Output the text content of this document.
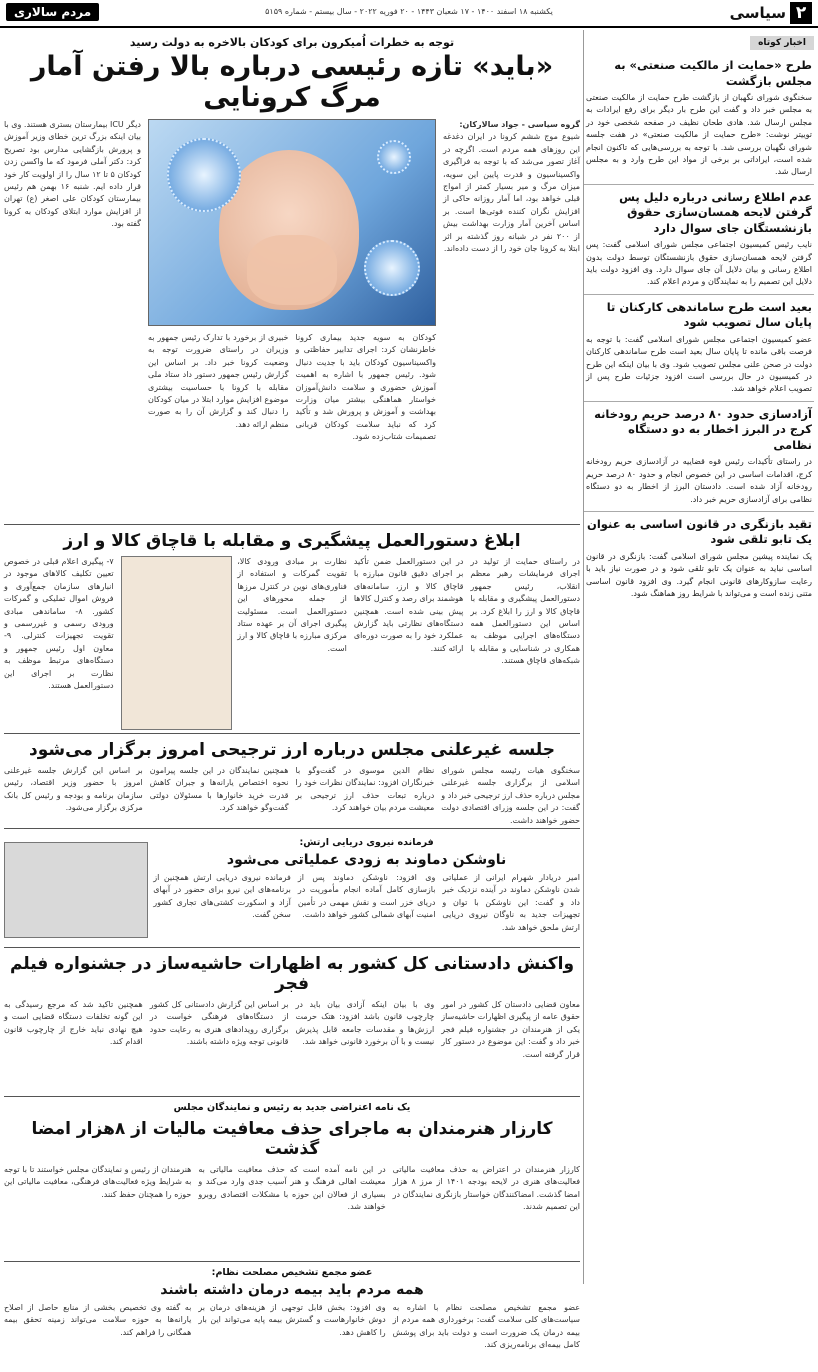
۲
سیاسی
یکشنبه ۱۸ اسفند ۱۴۰۰ - ۱۷ شعبان ۱۴۴۳ - ۲۰ فوریه ۲۰۲۲ - سال بیستم - شماره ۵۱۵۹
مردم سالاری
اخبار کوتاه
طرح «حمایت از مالکیت صنعتی» به مجلس بازگشت
سخنگوی شورای نگهبان از بازگشت طرح حمایت از مالکیت صنعتی به مجلس خبر داد و گفت این طرح بار دیگر برای رفع ایرادات به مجلس ارسال شد. هادی طحان نظیف در صفحه شخصی خود در توییتر نوشت: «طرح حمایت از مالکیت صنعتی» در هفت جلسه شورای نگهبان بررسی شد. با توجه به بررسی‌هایی که تاکنون انجام شده است، ایراداتی بر برخی از مواد این طرح وارد و به مجلس ارسال شد.
عدم اطلاع رسانی درباره دلیل پس گرفتن لایحه همسان‌سازی حقوق بازنشستگان جای سوال دارد
نایب رئیس کمیسیون اجتماعی مجلس شورای اسلامی گفت: پس گرفتن لایحه همسان‌سازی حقوق بازنشستگان توسط دولت بدون اطلاع رسانی و بیان دلایل آن جای سوال دارد. وی افزود دولت باید دلایل این تصمیم را به نمایندگان و مردم اعلام کند.
بعید است طرح ساماندهی کارکنان تا پایان سال تصویب شود
عضو کمیسیون اجتماعی مجلس شورای اسلامی گفت: با توجه به فرصت باقی مانده تا پایان سال بعید است طرح ساماندهی کارکنان دولت در صحن علنی مجلس تصویب شود. وی با بیان اینکه این طرح در کمیسیون در حال بررسی است افزود جزئیات طرح پس از تصویب اعلام خواهد شد.
آزادسازی حدود ۸۰ درصد حریم رودخانه کرج در البرز اخطار به دو دستگاه نظامی
در راستای تأکیدات رئیس قوه قضاییه در آزادسازی حریم رودخانه کرج، اقدامات اساسی در این خصوص انجام و حدود ۸۰ درصد حریم رودخانه آزاد شده است. دادستان البرز از اخطار به دو دستگاه نظامی برای آزادسازی حریم خبر داد.
تقید بازنگری در قانون اساسی به عنوان یک تابو تلقی شود
یک نماینده پیشین مجلس شورای اسلامی گفت: بازنگری در قانون اساسی نباید به عنوان یک تابو تلقی شود و در صورت نیاز باید با رعایت سازوکارهای قانونی انجام گیرد. وی افزود قانون اساسی متنی زنده است و می‌تواند با شرایط روز هماهنگ شود.
توجه به خطرات اُمیکرون برای کودکان بالاخره به دولت رسید
«باید» تازه رئیسی درباره بالا رفتن آمار مرگ کرونایی
گروه سیاسی - جواد سالارکان:
شیوع موج ششم کرونا در ایران دغدغه این روزهای همه مردم است. اگرچه در آغاز تصور می‌شد که با توجه به فراگیری واکسیناسیون و قدرت پایین این سویه، میزان مرگ و میر بسیار کمتر از امواج قبلی خواهد بود، اما آمار روزانه حاکی از افزایش نگران کننده فوتی‌ها است. بر اساس آخرین آمار وزارت بهداشت بیش از ۲۰۰ نفر در شبانه روز گذشته بر اثر ابتلا به کرونا جان خود را از دست داده‌اند.
کودکان به سویه جدید بیماری کرونا خاطرنشان کرد: اجرای تدابیر حفاظتی و واکسیناسیون کودکان باید با جدیت دنبال شود. رئیس جمهور با اشاره به اهمیت آموزش حضوری و سلامت دانش‌آموزان خواستار هماهنگی بیشتر میان وزارت بهداشت و آموزش و پرورش شد و تأکید کرد که نباید سلامت کودکان قربانی تصمیمات شتاب‌زده شود.
خبیری از برخورد با تدارک رئیس جمهور به وزیران در راستای ضرورت توجه به وضعیت کرونا خبر داد. بر اساس این گزارش رئیس جمهور دستور داد ستاد ملی مقابله با کرونا با حساسیت بیشتری موضوع افزایش موارد ابتلا در میان کودکان را دنبال کند و گزارش آن را به صورت منظم ارائه دهد.
دیگر ICU بیمارستان بستری هستند. وی با بیان اینکه بزرگ ترین خطای وزیر آموزش و پرورش بازگشایی مدارس بود تصریح کرد: دکتر آملی فرمود که ما واکسن زدن کودکان ۵ تا ۱۲ سال را از اولویت کار خود قرار داده ایم. شنبه ۱۶ بهمن هم رئیس بیمارستان کودکان علی اصغر (ع) تهران از افزایش موارد ابتلای کودکان به کرونا گفته بود.
ابلاغ دستورالعمل پیشگیری و مقابله با قاچاق کالا و ارز
در راستای حمایت از تولید در اجرای فرمایشات رهبر معظم انقلاب، رئیس جمهور دستورالعمل پیشگیری و مقابله با قاچاق کالا و ارز را ابلاغ کرد. بر اساس این دستورالعمل همه دستگاه‌های اجرایی موظف به همکاری در شناسایی و مقابله با شبکه‌های قاچاق هستند.
در این دستورالعمل ضمن تأکید بر اجرای دقیق قانون مبارزه با قاچاق کالا و ارز، سامانه‌های هوشمند برای رصد و کنترل کالاها پیش بینی شده است. همچنین دستگاه‌های نظارتی باید گزارش عملکرد خود را به صورت دوره‌ای ارائه کنند.
نظارت بر مبادی ورودی کالا، تقویت گمرکات و استفاده از فناوری‌های نوین در کنترل مرزها از جمله محورهای این دستورالعمل است. مسئولیت پیگیری اجرای آن بر عهده ستاد مرکزی مبارزه با قاچاق کالا و ارز است.
۷- پیگیری اعلام قبلی در خصوص تعیین تکلیف کالاهای موجود در انبارهای سازمان جمع‌آوری و فروش اموال تملیکی و گمرکات کشور. ۸- ساماندهی مبادی ورودی رسمی و غیررسمی و تقویت تجهیزات کنترلی. ۹- معاون اول رئیس جمهور و دستگاه‌های مرتبط موظف به نظارت بر اجرای این دستورالعمل هستند.
جلسه غیرعلنی مجلس درباره ارز ترجیحی امروز برگزار می‌شود
سخنگوی هیات رئیسه مجلس شورای اسلامی از برگزاری جلسه غیرعلنی مجلس درباره حذف ارز ترجیحی خبر داد و گفت: در این جلسه وزرای اقتصادی دولت حضور خواهند داشت.
نظام الدین موسوی در گفت‌وگو با خبرنگاران افزود: نمایندگان نظرات خود را درباره تبعات حذف ارز ترجیحی بر معیشت مردم بیان خواهند کرد.
همچنین نمایندگان در این جلسه پیرامون نحوه اختصاص یارانه‌ها و جبران کاهش قدرت خرید خانوارها با مسئولان دولتی گفت‌وگو خواهند کرد.
بر اساس این گزارش جلسه غیرعلنی امروز با حضور وزیر اقتصاد، رئیس سازمان برنامه و بودجه و رئیس کل بانک مرکزی برگزار می‌شود.
فرمانده نیروی دریایی ارتش:
ناوشکن دماوند به زودی عملیاتی می‌شود
امیر دریادار شهرام ایرانی از عملیاتی شدن ناوشکن دماوند در آینده نزدیک خبر داد و گفت: این ناوشکن با توان و تجهیزات جدید به ناوگان نیروی دریایی ارتش ملحق خواهد شد.
وی افزود: ناوشکن دماوند پس از بازسازی کامل آماده انجام مأموریت در دریای خزر است و نقش مهمی در تأمین امنیت آبهای شمالی کشور خواهد داشت.
فرمانده نیروی دریایی ارتش همچنین از برنامه‌های این نیرو برای حضور در آبهای آزاد و اسکورت کشتی‌های تجاری کشور سخن گفت.
واکنش دادستانی کل کشور به اظهارات حاشیه‌ساز در جشنواره فیلم فجر
معاون قضایی دادستان کل کشور در امور حقوق عامه از پیگیری اظهارات حاشیه‌ساز یکی از هنرمندان در جشنواره فیلم فجر خبر داد و گفت: این موضوع در دستور کار قرار گرفته است.
وی با بیان اینکه آزادی بیان باید در چارچوب قانون باشد افزود: هتک حرمت ارزش‌ها و مقدسات جامعه قابل پذیرش نیست و با آن برخورد قانونی خواهد شد.
بر اساس این گزارش دادستانی کل کشور از دستگاه‌های فرهنگی خواست در برگزاری رویدادهای هنری به رعایت حدود قانونی توجه ویژه داشته باشند.
همچنین تاکید شد که مرجع رسیدگی به این گونه تخلفات دستگاه قضایی است و هیچ نهادی نباید خارج از چارچوب قانون اقدام کند.
یک نامه اعتراضی جدید به رئیس و نمایندگان مجلس
کارزار هنرمندان به ماجرای حذف معافیت مالیات از ۸هزار امضا گذشت
کارزار هنرمندان در اعتراض به حذف معافیت مالیاتی فعالیت‌های هنری در لایحه بودجه ۱۴۰۱ از مرز ۸ هزار امضا گذشت. امضاکنندگان خواستار بازنگری نمایندگان در این تصمیم شدند.
در این نامه آمده است که حذف معافیت مالیاتی به معیشت اهالی فرهنگ و هنر آسیب جدی وارد می‌کند و بسیاری از فعالان این حوزه با مشکلات اقتصادی روبرو خواهند شد.
هنرمندان از رئیس و نمایندگان مجلس خواستند تا با توجه به شرایط ویژه فعالیت‌های فرهنگی، معافیت مالیاتی این حوزه را همچنان حفظ کنند.
عضو مجمع تشخیص مصلحت نظام:
همه مردم باید بیمه درمان داشته باشند
عضو مجمع تشخیص مصلحت نظام با اشاره به سیاست‌های کلی سلامت گفت: برخورداری همه مردم از بیمه درمان یک ضرورت است و دولت باید برای پوشش کامل بیمه‌ای برنامه‌ریزی کند.
وی افزود: بخش قابل توجهی از هزینه‌های درمان بر دوش خانوارهاست و گسترش بیمه پایه می‌تواند این بار را کاهش دهد.
به گفته وی تخصیص بخشی از منابع حاصل از اصلاح یارانه‌ها به حوزه سلامت می‌تواند زمینه تحقق بیمه همگانی را فراهم کند.
